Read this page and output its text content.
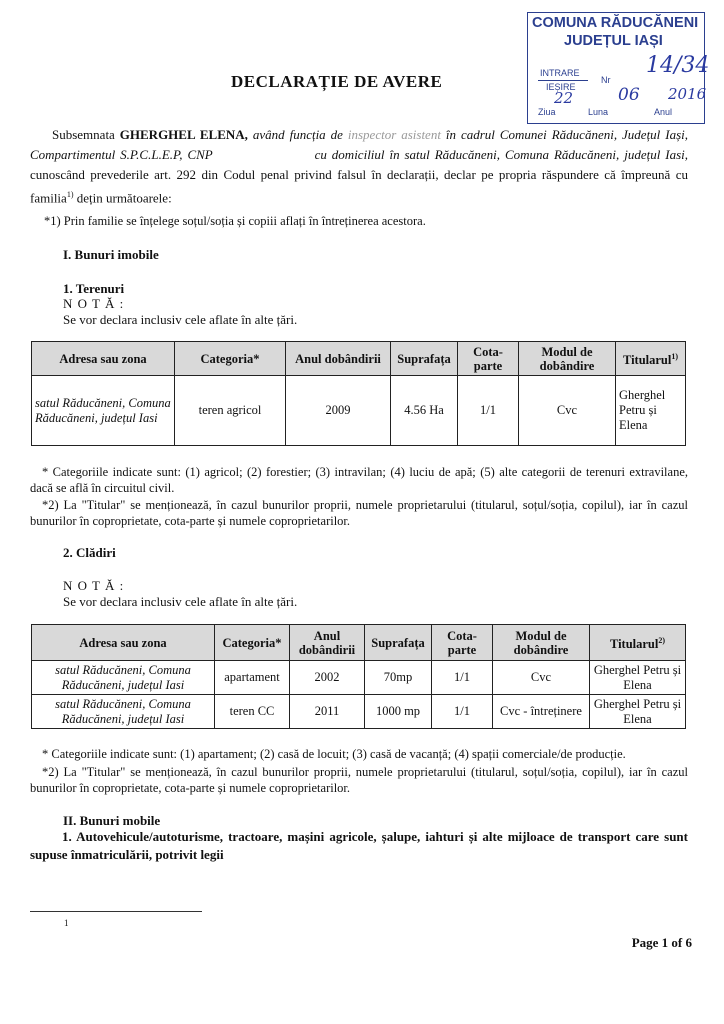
COMUNA RĂDUCĂNENI
JUDEȚUL IAȘI
INTRARE
IEȘIRE
Nr
14/34
Ziua
22
Luna
06
Anul
2016
DECLARAȚIE DE AVERE
Subsemnata GHERGHEL ELENA, având funcția de inspector asistent în cadrul Comunei Răducăneni, Județul Iași, Compartimentul S.P.C.L.E.P, CNP	cu domiciliul în satul Răducăneni, Comuna Răducăneni, județul Iasi, cunoscând prevederile art. 292 din Codul penal privind falsul în declarații, declar pe propria răspundere că împreună cu familia$^{1)}$ dețin următoarele:
*1) Prin familie se înțelege soțul/soția și copiii aflați în întreținerea acestora.
I. Bunuri imobile
1. Terenuri
N O T Ă :
Se vor declara inclusiv cele aflate în alte țări.
Adresa sau zona	Categoria*	Anul dobândirii	Suprafața	Cota-parte	Modul de dobândire	Titularul$^{1)}$
satul Răducăneni, Comuna Răducăneni, județul Iasi	teren agricol	2009	4.56 Ha	1/1	Cvc	Gherghel Petru și Elena
* Categoriile indicate sunt: (1) agricol; (2) forestier; (3) intravilan; (4) luciu de apă; (5) alte categorii de terenuri extravilane, dacă se află în circuitul civil.
*2) La "Titular" se menționează, în cazul bunurilor proprii, numele proprietarului (titularul, soțul/soția, copilul), iar în cazul bunurilor în coproprietate, cota-parte și numele coproprietarilor.
2. Clădiri
N O T Ă :
Se vor declara inclusiv cele aflate în alte țări.
Adresa sau zona	Categoria*	Anul dobândirii	Suprafața	Cota-parte	Modul de dobândire	Titularul$^{2)}$
satul Răducăneni, Comuna Răducăneni, județul Iasi	apartament	2002	70mp	1/1	Cvc	Gherghel Petru și Elena
satul Răducăneni, Comuna Răducăneni, județul Iasi	teren CC	2011	1000 mp	1/1	Cvc - întreținere	Gherghel Petru și Elena
* Categoriile indicate sunt: (1) apartament; (2) casă de locuit; (3) casă de vacanță; (4) spații comerciale/de producție.
*2) La "Titular" se menționează, în cazul bunurilor proprii, numele proprietarului (titularul, soțul/soția, copilul), iar în cazul bunurilor în coproprietate, cota-parte și numele coproprietarilor.
II. Bunuri mobile
1. Autovehicule/autoturisme, tractoare, mașini agricole, șalupe, iahturi și alte mijloace de transport care sunt supuse înmatriculării, potrivit legii
1
Page 1 of 6
